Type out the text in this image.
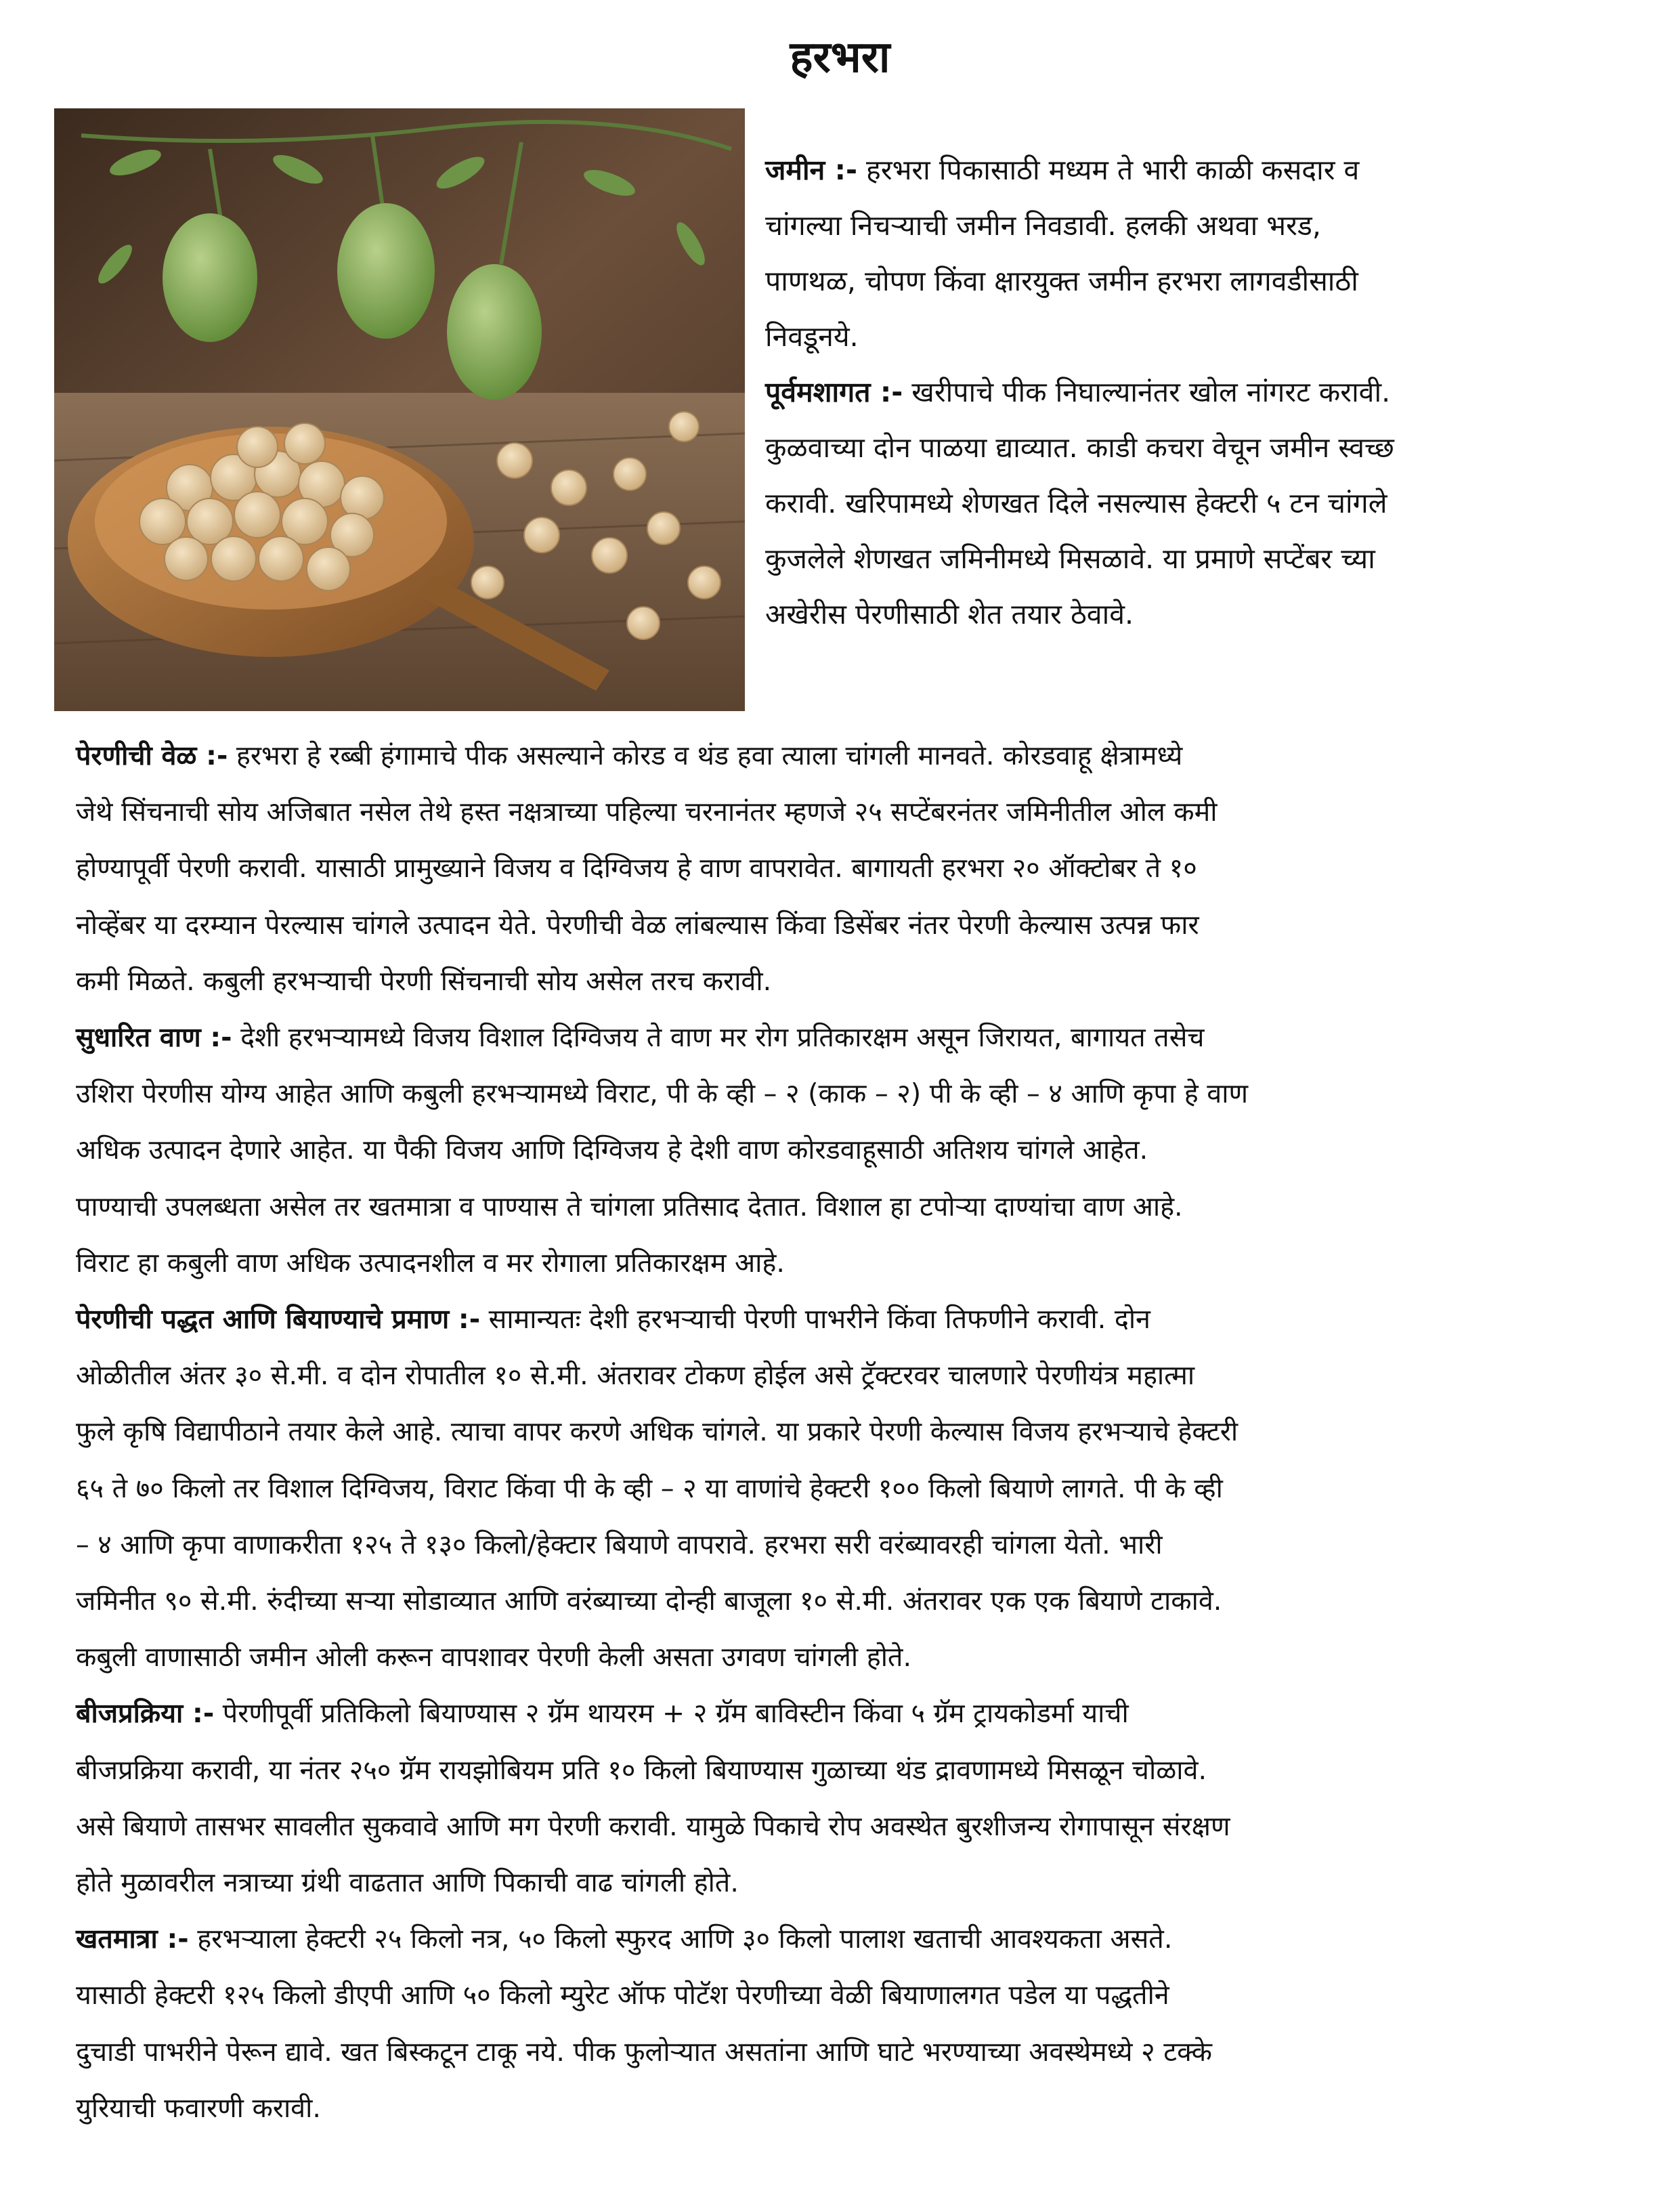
हरभरा

जमीन :- हरभरा पिकासाठी मध्यम ते भारी काळी कसदार व
चांगल्या निचऱ्याची जमीन निवडावी. हलकी अथवा भरड,
पाणथळ, चोपण किंवा क्षारयुक्त जमीन हरभरा लागवडीसाठी
निवडूनये.

पूर्वमशागत :- खरीपाचे पीक निघाल्यानंतर खोल नांगरट करावी.
कुळवाच्या दोन पाळया द्याव्यात. काडी कचरा वेचून जमीन स्वच्छ
करावी. खरिपामध्ये शेणखत दिले नसल्यास हेक्टरी ५ टन चांगले
कुजलेले शेणखत जमिनीमध्ये मिसळावे. या प्रमाणे सप्टेंबर च्या
अखेरीस पेरणीसाठी शेत तयार ठेवावे.

पेरणीची वेळ :- हरभरा हे रब्बी हंगामाचे पीक असल्याने कोरड व थंड हवा त्याला चांगली मानवते. कोरडवाहू क्षेत्रामध्ये
जेथे सिंचनाची सोय अजिबात नसेल तेथे हस्त नक्षत्राच्या पहिल्या चरनानंतर म्हणजे २५ सप्टेंबरनंतर जमिनीतील ओल कमी
होण्यापूर्वी पेरणी करावी. यासाठी प्रामुख्याने विजय व दिग्विजय हे वाण वापरावेत. बागायती हरभरा २० ऑक्टोबर ते १०
नोव्हेंबर या दरम्यान पेरल्यास चांगले उत्पादन येते. पेरणीची वेळ लांबल्यास किंवा डिसेंबर नंतर पेरणी केल्यास उत्पन्न फार
कमी मिळते. कबुली हरभऱ्याची पेरणी सिंचनाची सोय असेल तरच करावी.

सुधारित वाण :- देशी हरभऱ्यामध्ये विजय विशाल दिग्विजय ते वाण मर रोग प्रतिकारक्षम असून जिरायत, बागायत तसेच
उशिरा पेरणीस योग्य आहेत आणि कबुली हरभऱ्यामध्ये विराट, पी के व्ही – २ (काक – २) पी के व्ही – ४ आणि कृपा हे वाण
अधिक उत्पादन देणारे आहेत. या पैकी विजय आणि दिग्विजय हे देशी वाण कोरडवाहूसाठी अतिशय चांगले आहेत.
पाण्याची उपलब्धता असेल तर खतमात्रा व पाण्यास ते चांगला प्रतिसाद देतात. विशाल हा टपोऱ्या दाण्यांचा वाण आहे.
विराट हा कबुली वाण अधिक उत्पादनशील व मर रोगाला प्रतिकारक्षम आहे.

पेरणीची पद्धत आणि बियाण्याचे प्रमाण :- सामान्यतः देशी हरभऱ्याची पेरणी पाभरीने किंवा तिफणीने करावी. दोन
ओळीतील अंतर ३० से.मी. व दोन रोपातील १० से.मी. अंतरावर टोकण होईल असे ट्रॅक्टरवर चालणारे पेरणीयंत्र महात्मा
फुले कृषि विद्यापीठाने तयार केले आहे. त्याचा वापर करणे अधिक चांगले. या प्रकारे पेरणी केल्यास विजय हरभऱ्याचे हेक्टरी
६५ ते ७० किलो तर विशाल दिग्विजय, विराट किंवा पी के व्ही – २ या वाणांचे हेक्टरी १०० किलो बियाणे लागते. पी के व्ही
– ४ आणि कृपा वाणाकरीता १२५ ते १३० किलो/हेक्टार बियाणे वापरावे. हरभरा सरी वरंब्यावरही चांगला येतो. भारी
जमिनीत ९० से.मी. रुंदीच्या सऱ्या सोडाव्यात आणि वरंब्याच्या दोन्ही बाजूला १० से.मी. अंतरावर एक एक बियाणे टाकावे.
कबुली वाणासाठी जमीन ओली करून वापशावर पेरणी केली असता उगवण चांगली होते.

बीजप्रक्रिया :- पेरणीपूर्वी प्रतिकिलो बियाण्यास २ ग्रॅम थायरम + २ ग्रॅम बाविस्टीन किंवा ५ ग्रॅम ट्रायकोडर्मा याची
बीजप्रक्रिया करावी, या नंतर २५० ग्रॅम रायझोबियम प्रति १० किलो बियाण्यास गुळाच्या थंड द्रावणामध्ये मिसळून चोळावे.
असे बियाणे तासभर सावलीत सुकवावे आणि मग पेरणी करावी. यामुळे पिकाचे रोप अवस्थेत बुरशीजन्य रोगापासून संरक्षण
होते मुळावरील नत्राच्या ग्रंथी वाढतात आणि पिकाची वाढ चांगली होते.

खतमात्रा :- हरभऱ्याला हेक्टरी २५ किलो नत्र, ५० किलो स्फुरद आणि ३० किलो पालाश खताची आवश्यकता असते.
यासाठी हेक्टरी १२५ किलो डीएपी आणि ५० किलो म्युरेट ऑफ पोटॅश पेरणीच्या वेळी बियाणालगत पडेल या पद्धतीने
दुचाडी पाभरीने पेरून द्यावे. खत बिस्कटून टाकू नये. पीक फुलोऱ्यात असतांना आणि घाटे भरण्याच्या अवस्थेमध्ये २ टक्के
युरियाची फवारणी करावी.
